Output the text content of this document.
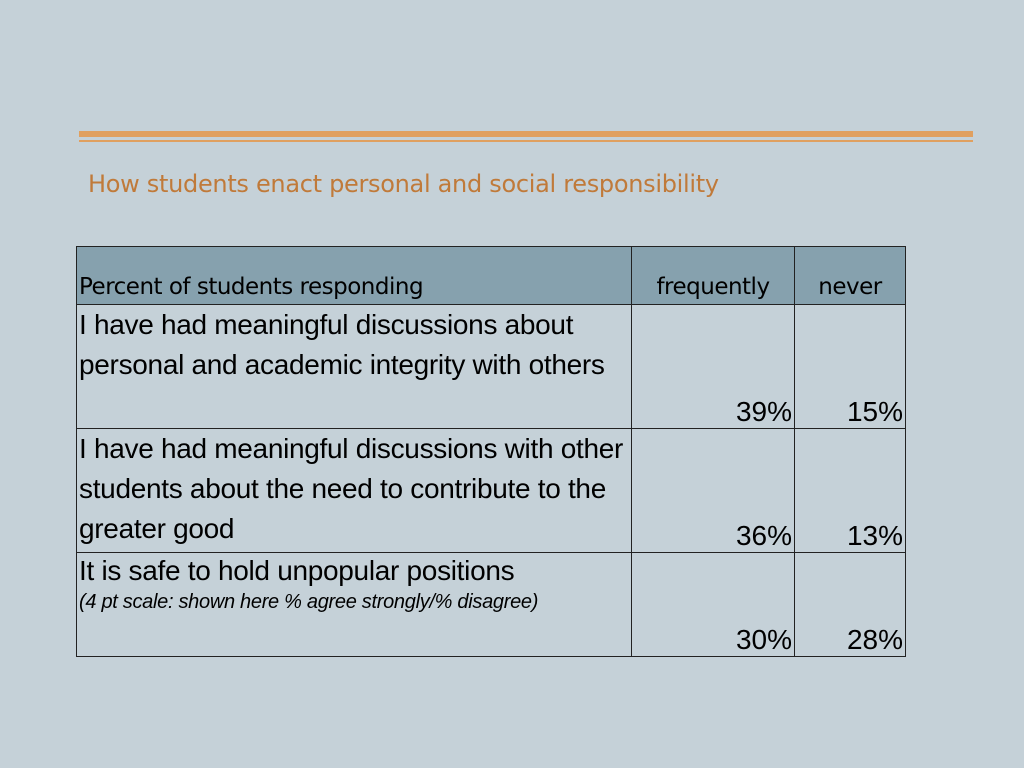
How students enact personal and social responsibility
Percent of students responding	frequently	never
I have had meaningful discussions about personal and academic integrity with others	39%	15%
I have had meaningful discussions with other students about the need to contribute to the greater good	36%	13%
It is safe to hold unpopular positions
(4 pt scale: shown here % agree strongly/% disagree)	30%	28%
